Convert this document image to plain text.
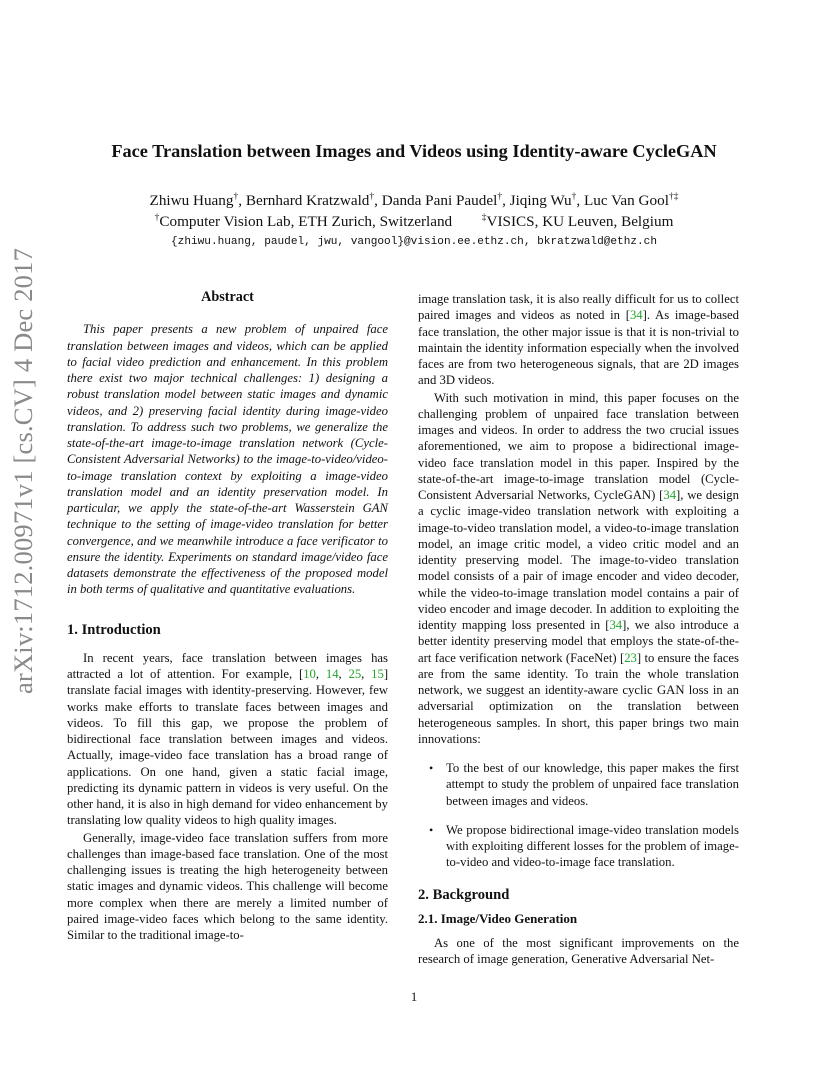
arXiv:1712.00971v1 [cs.CV] 4 Dec 2017
Face Translation between Images and Videos using Identity-aware CycleGAN
Zhiwu Huang†, Bernhard Kratzwald†, Danda Pani Paudel†, Jiqing Wu†, Luc Van Gool†‡
†Computer Vision Lab, ETH Zurich, Switzerland	‡VISICS, KU Leuven, Belgium
{zhiwu.huang, paudel, jwu, vangool}@vision.ee.ethz.ch, bkratzwald@ethz.ch
Abstract

This paper presents a new problem of unpaired face translation between images and videos, which can be applied to facial video prediction and enhancement. In this problem there exist two major technical challenges: 1) designing a robust translation model between static images and dynamic videos, and 2) preserving facial identity during image-video translation. To address such two problems, we generalize the state-of-the-art image-to-image translation network (Cycle-Consistent Adversarial Networks) to the image-to-video/video-to-image translation context by exploiting a image-video translation model and an identity preservation model. In particular, we apply the state-of-the-art Wasserstein GAN technique to the setting of image-video translation for better convergence, and we meanwhile introduce a face verificator to ensure the identity. Experiments on standard image/video face datasets demonstrate the effectiveness of the proposed model in both terms of qualitative and quantitative evaluations.

1. Introduction

In recent years, face translation between images has attracted a lot of attention. For example, [10, 14, 25, 15] translate facial images with identity-preserving. However, few works make efforts to translate faces between images and videos. To fill this gap, we propose the problem of bidirectional face translation between images and videos. Actually, image-video face translation has a broad range of applications. On one hand, given a static facial image, predicting its dynamic pattern in videos is very useful. On the other hand, it is also in high demand for video enhancement by translating low quality videos to high quality images.

Generally, image-video face translation suffers from more challenges than image-based face translation. One of the most challenging issues is treating the high heterogeneity between static images and dynamic videos. This challenge will become more complex when there are merely a limited number of paired image-video faces which belong to the same identity. Similar to the traditional image-to-

image translation task, it is also really difficult for us to collect paired images and videos as noted in [34]. As image-based face translation, the other major issue is that it is non-trivial to maintain the identity information especially when the involved faces are from two heterogeneous signals, that are 2D images and 3D videos.

With such motivation in mind, this paper focuses on the challenging problem of unpaired face translation between images and videos. In order to address the two crucial issues aforementioned, we aim to propose a bidirectional image-video face translation model in this paper. Inspired by the state-of-the-art image-to-image translation model (Cycle-Consistent Adversarial Networks, CycleGAN) [34], we design a cyclic image-video translation network with exploiting a image-to-video translation model, a video-to-image translation model, an image critic model, a video critic model and an identity preserving model. The image-to-video translation model consists of a pair of image encoder and video decoder, while the video-to-image translation model contains a pair of video encoder and image decoder. In addition to exploiting the identity mapping loss presented in [34], we also introduce a better identity preserving model that employs the state-of-the-art face verification network (FaceNet) [23] to ensure the faces are from the same identity. To train the whole translation network, we suggest an identity-aware cyclic GAN loss in an adversarial optimization on the translation between heterogeneous samples. In short, this paper brings two main innovations:

• To the best of our knowledge, this paper makes the first attempt to study the problem of unpaired face translation between images and videos.
• We propose bidirectional image-video translation models with exploiting different losses for the problem of image-to-video and video-to-image face translation.
2. Background
2.1. Image/Video Generation

As one of the most significant improvements on the research of image generation, Generative Adversarial Net-

1
